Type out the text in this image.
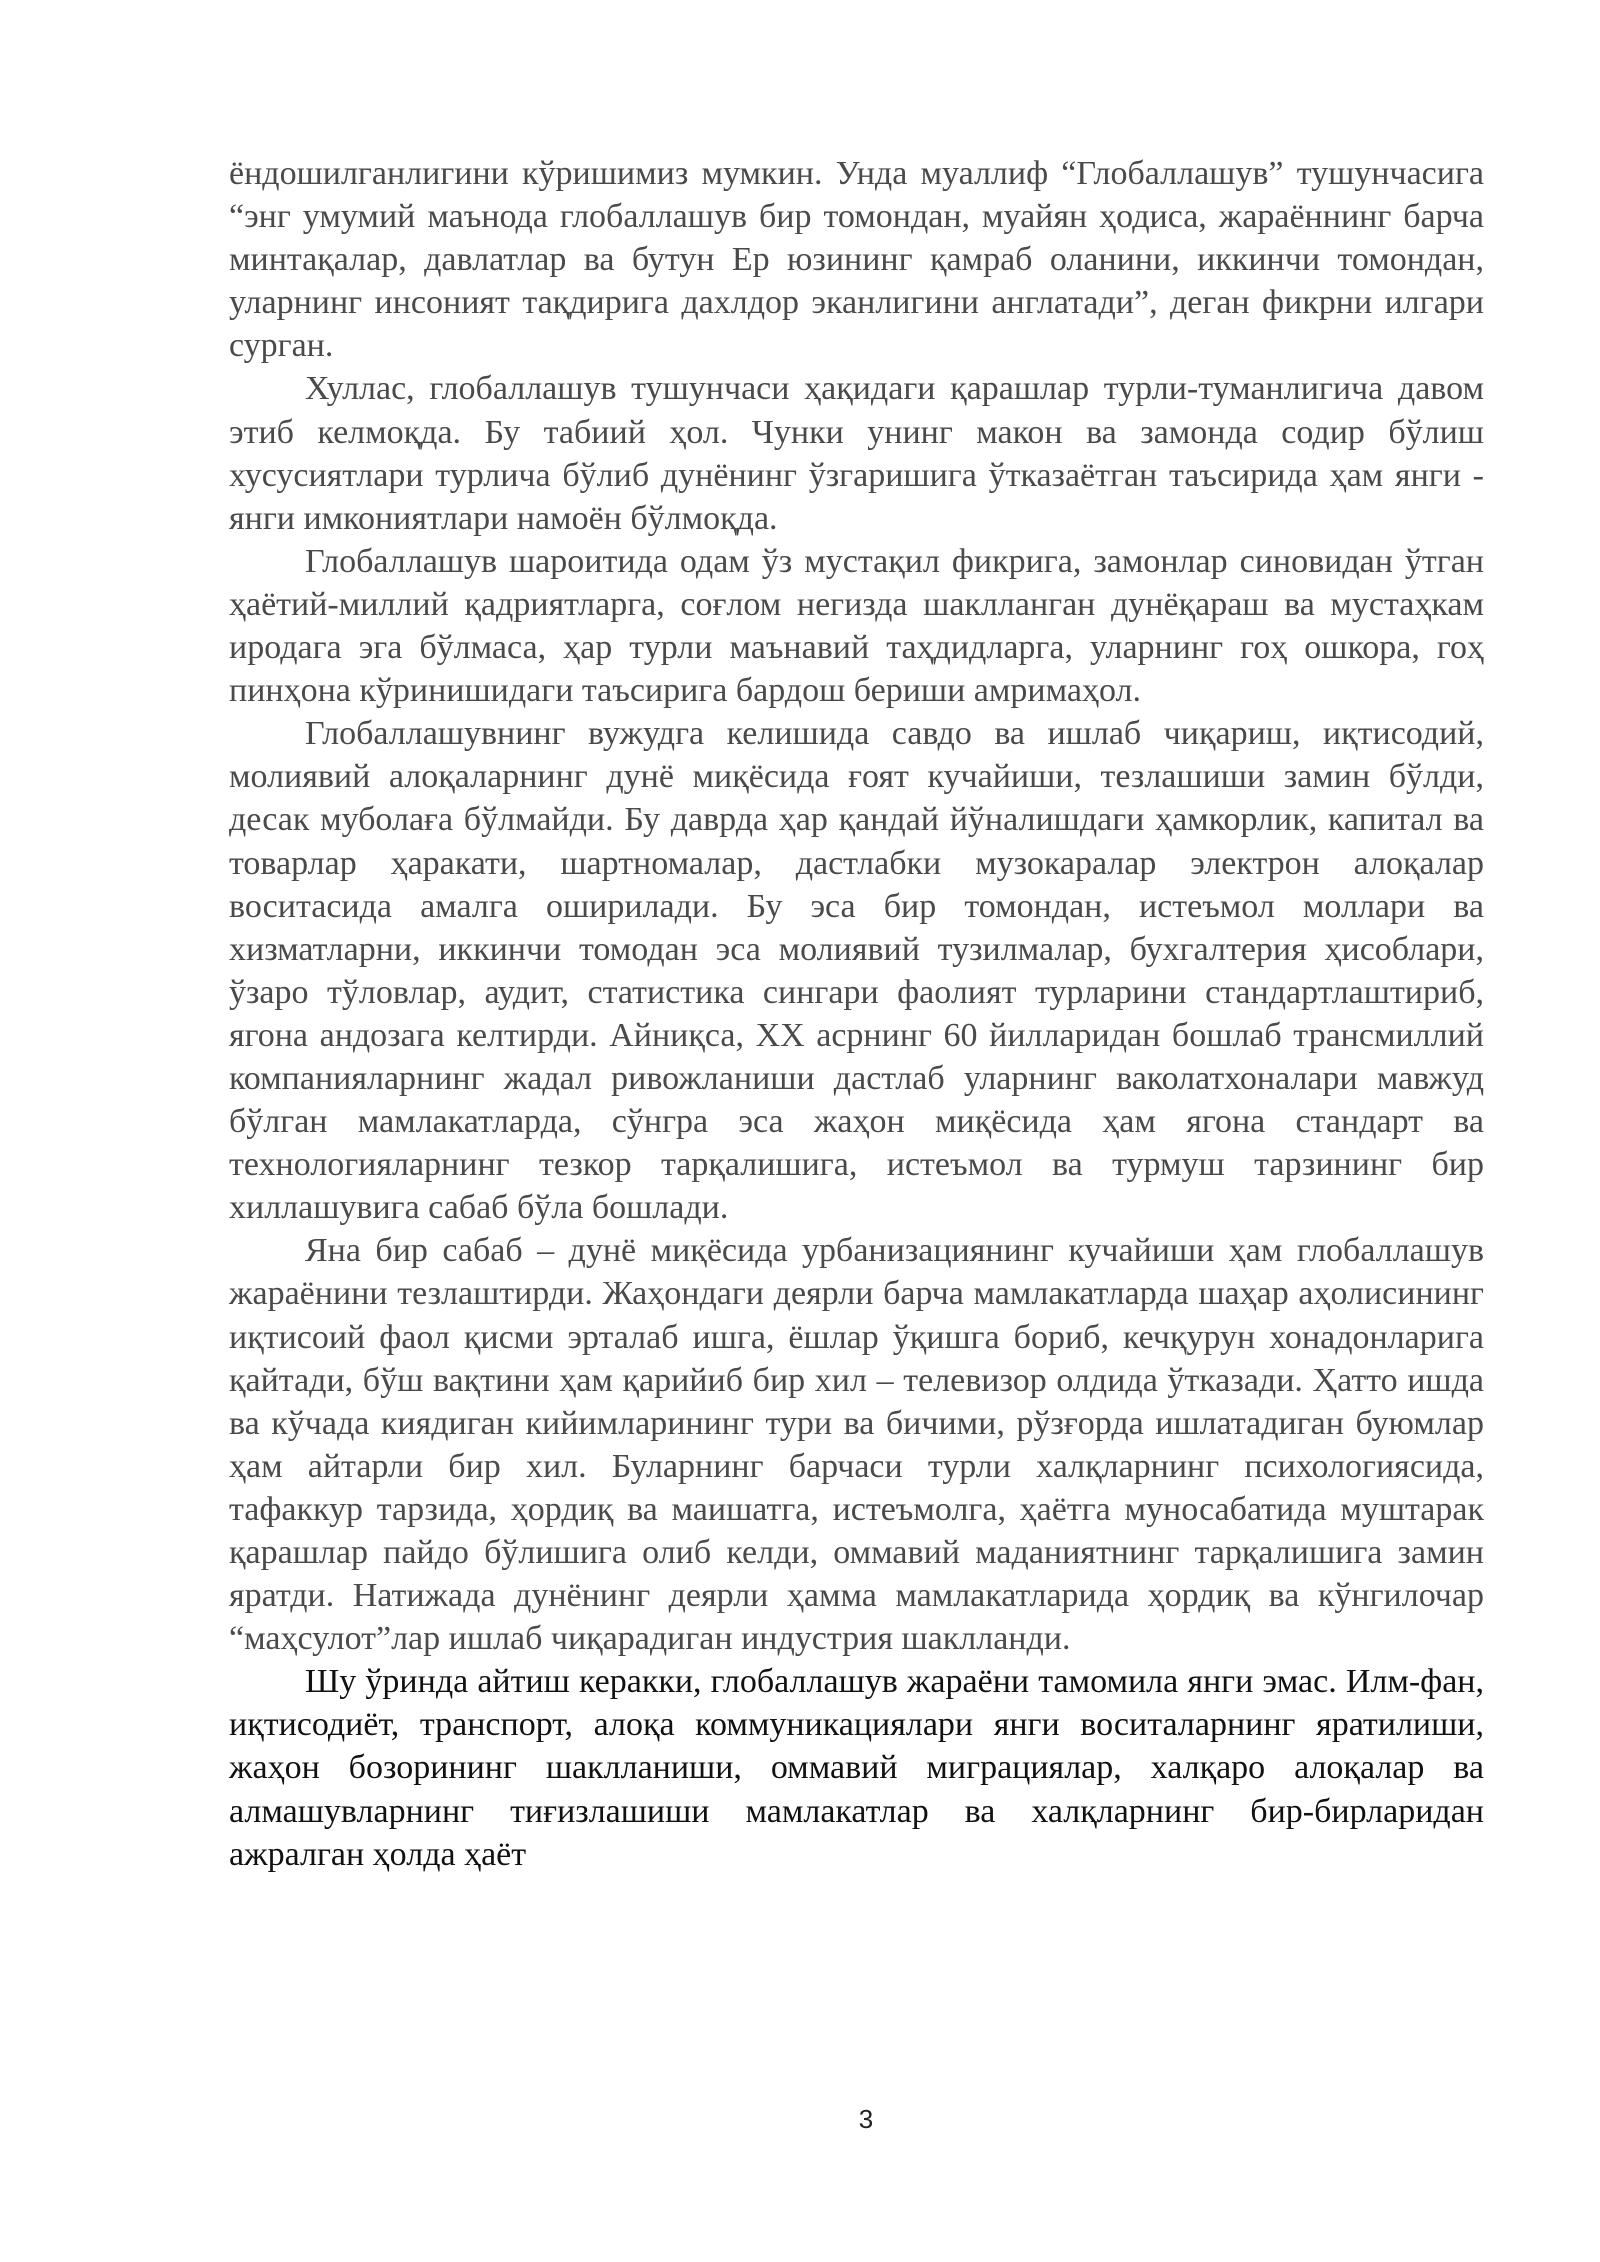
ёндошилганлигини кўришимиз мумкин. Унда муаллиф “Глобаллашув” тушунчасига “энг умумий маънода глобаллашув бир томондан, муайян ҳодиса, жараённинг барча минтақалар, давлатлар ва бутун Ер юзининг қамраб оланини, иккинчи томондан, уларнинг инсоният тақдирига дахлдор эканлигини англатади”, деган фикрни илгари сурган.

Хуллас, глобаллашув тушунчаси ҳақидаги қарашлар турли-туманлигича давом этиб келмоқда. Бу табиий ҳол. Чунки унинг макон ва замонда содир бўлиш хусусиятлари турлича бўлиб дунёнинг ўзгаришига ўтказаётган таъсирида ҳам янги - янги имкониятлари намоён бўлмоқда.

Глобаллашув шароитида одам ўз мустақил фикрига, замонлар синовидан ўтган ҳаётий-миллий қадриятларга, соғлом негизда шаклланган дунёқараш ва мустаҳкам иродага эга бўлмаса, ҳар турли маънавий таҳдидларга, уларнинг гоҳ ошкора, гоҳ пинҳона кўринишидаги таъсирига бардош бериши амримаҳол.

Глобаллашувнинг вужудга келишида савдо ва ишлаб чиқариш, иқтисодий, молиявий алоқаларнинг дунё миқёсида ғоят кучайиши, тезлашиши замин бўлди, десак муболаға бўлмайди. Бу даврда ҳар қандай йўналишдаги ҳамкорлик, капитал ва товарлар ҳаракати, шартномалар, дастлабки музокаралар электрон алоқалар воситасида амалга оширилади. Бу эса бир томондан, истеъмол моллари ва хизматларни, иккинчи томодан эса молиявий тузилмалар, бухгалтерия ҳисоблари, ўзаро тўловлар, аудит, статистика сингари фаолият турларини стандартлаштириб, ягона андозага келтирди. Айниқса, XX асрнинг 60 йилларидан бошлаб трансмиллий компанияларнинг жадал ривожланиши дастлаб уларнинг ваколатхоналари мавжуд бўлган мамлакатларда, сўнгра эса жаҳон миқёсида ҳам ягона стандарт ва технологияларнинг тезкор тарқалишига, истеъмол ва турмуш тарзининг бир хиллашувига сабаб бўла бошлади.

Яна бир сабаб – дунё миқёсида урбанизациянинг кучайиши ҳам глобаллашув жараёнини тезлаштирди. Жаҳондаги деярли барча мамлакатларда шаҳар аҳолисининг иқтисоий фаол қисми эрталаб ишга, ёшлар ўқишга бориб, кечқурун хонадонларига қайтади, бўш вақтини ҳам қарийиб бир хил – телевизор олдида ўтказади. Ҳатто ишда ва кўчада киядиган кийимларининг тури ва бичими, рўзғорда ишлатадиган буюмлар ҳам айтарли бир хил. Буларнинг барчаси турли халқларнинг психологиясида, тафаккур тарзида, ҳордиқ ва маишатга, истеъмолга, ҳаётга муносабатида муштарак қарашлар пайдо бўлишига олиб келди, оммавий маданиятнинг тарқалишига замин яратди. Натижада дунёнинг деярли ҳамма мамлакатларида ҳордиқ ва кўнгилочар “маҳсулот”лар ишлаб чиқарадиган индустрия шаклланди.

Шу ўринда айтиш керакки, глобаллашув жараёни тамомила янги эмас. Илм-фан, иқтисодиёт, транспорт, алоқа коммуникациялари янги воситаларнинг яратилиши, жаҳон бозорининг шаклланиши, оммавий миграциялар, халқаро алоқалар ва алмашувларнинг тиғизлашиши мамлакатлар ва халқларнинг бир-бирларидан ажралган ҳолда ҳаёт

3
